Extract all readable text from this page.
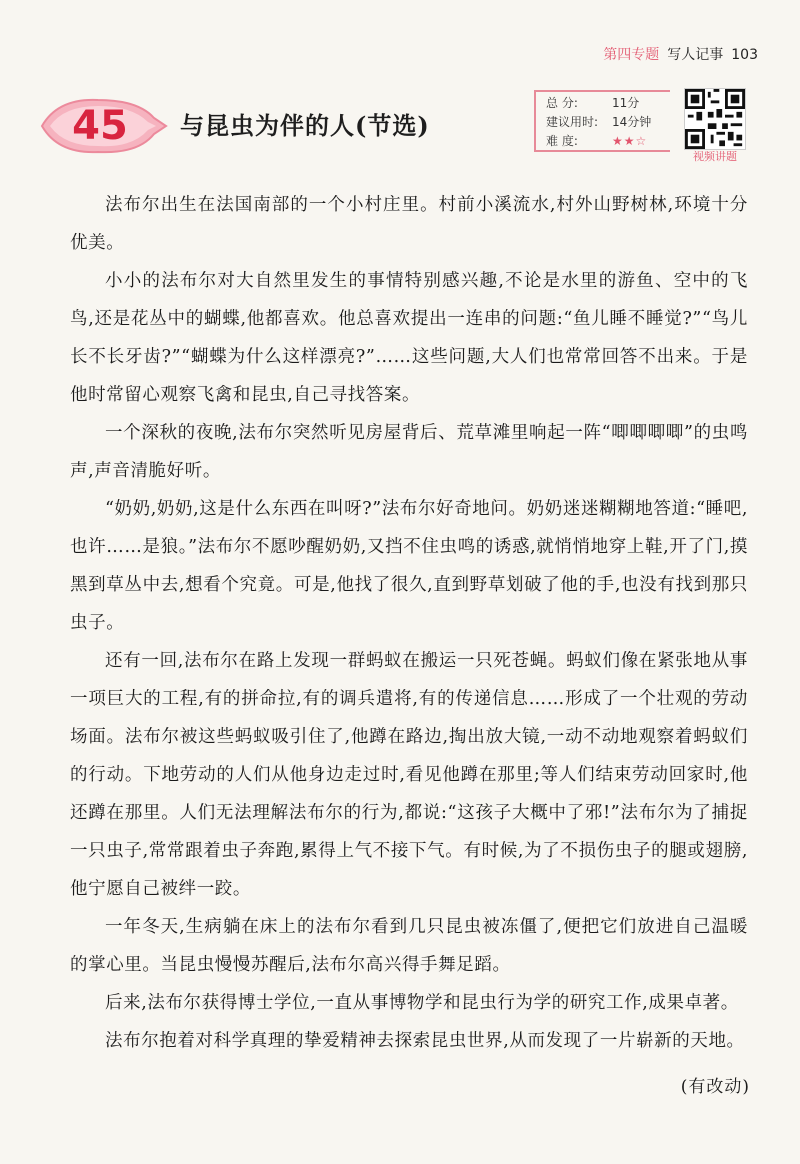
第四专题 写人记事 103
45	与昆虫为伴的人(节选)
总 分:	11分
建议用时:	14分钟
难 度:	★★☆
视频讲题

法布尔出生在法国南部的一个小村庄里。村前小溪流水,村外山野树林,环境十分优美。

小小的法布尔对大自然里发生的事情特别感兴趣,不论是水里的游鱼、空中的飞鸟,还是花丛中的蝴蝶,他都喜欢。他总喜欢提出一连串的问题:“鱼儿睡不睡觉?”“鸟儿长不长牙齿?”“蝴蝶为什么这样漂亮?”……这些问题,大人们也常常回答不出来。于是他时常留心观察飞禽和昆虫,自己寻找答案。

一个深秋的夜晚,法布尔突然听见房屋背后、荒草滩里响起一阵“唧唧唧唧”的虫鸣声,声音清脆好听。

“奶奶,奶奶,这是什么东西在叫呀?”法布尔好奇地问。奶奶迷迷糊糊地答道:“睡吧,也许……是狼。”法布尔不愿吵醒奶奶,又挡不住虫鸣的诱惑,就悄悄地穿上鞋,开了门,摸黑到草丛中去,想看个究竟。可是,他找了很久,直到野草划破了他的手,也没有找到那只虫子。

还有一回,法布尔在路上发现一群蚂蚁在搬运一只死苍蝇。蚂蚁们像在紧张地从事一项巨大的工程,有的拼命拉,有的调兵遣将,有的传递信息……形成了一个壮观的劳动场面。法布尔被这些蚂蚁吸引住了,他蹲在路边,掏出放大镜,一动不动地观察着蚂蚁们的行动。下地劳动的人们从他身边走过时,看见他蹲在那里;等人们结束劳动回家时,他还蹲在那里。人们无法理解法布尔的行为,都说:“这孩子大概中了邪!”法布尔为了捕捉一只虫子,常常跟着虫子奔跑,累得上气不接下气。有时候,为了不损伤虫子的腿或翅膀,他宁愿自己被绊一跤。

一年冬天,生病躺在床上的法布尔看到几只昆虫被冻僵了,便把它们放进自己温暖的掌心里。当昆虫慢慢苏醒后,法布尔高兴得手舞足蹈。

后来,法布尔获得博士学位,一直从事博物学和昆虫行为学的研究工作,成果卓著。

法布尔抱着对科学真理的挚爱精神去探索昆虫世界,从而发现了一片崭新的天地。

(有改动)
